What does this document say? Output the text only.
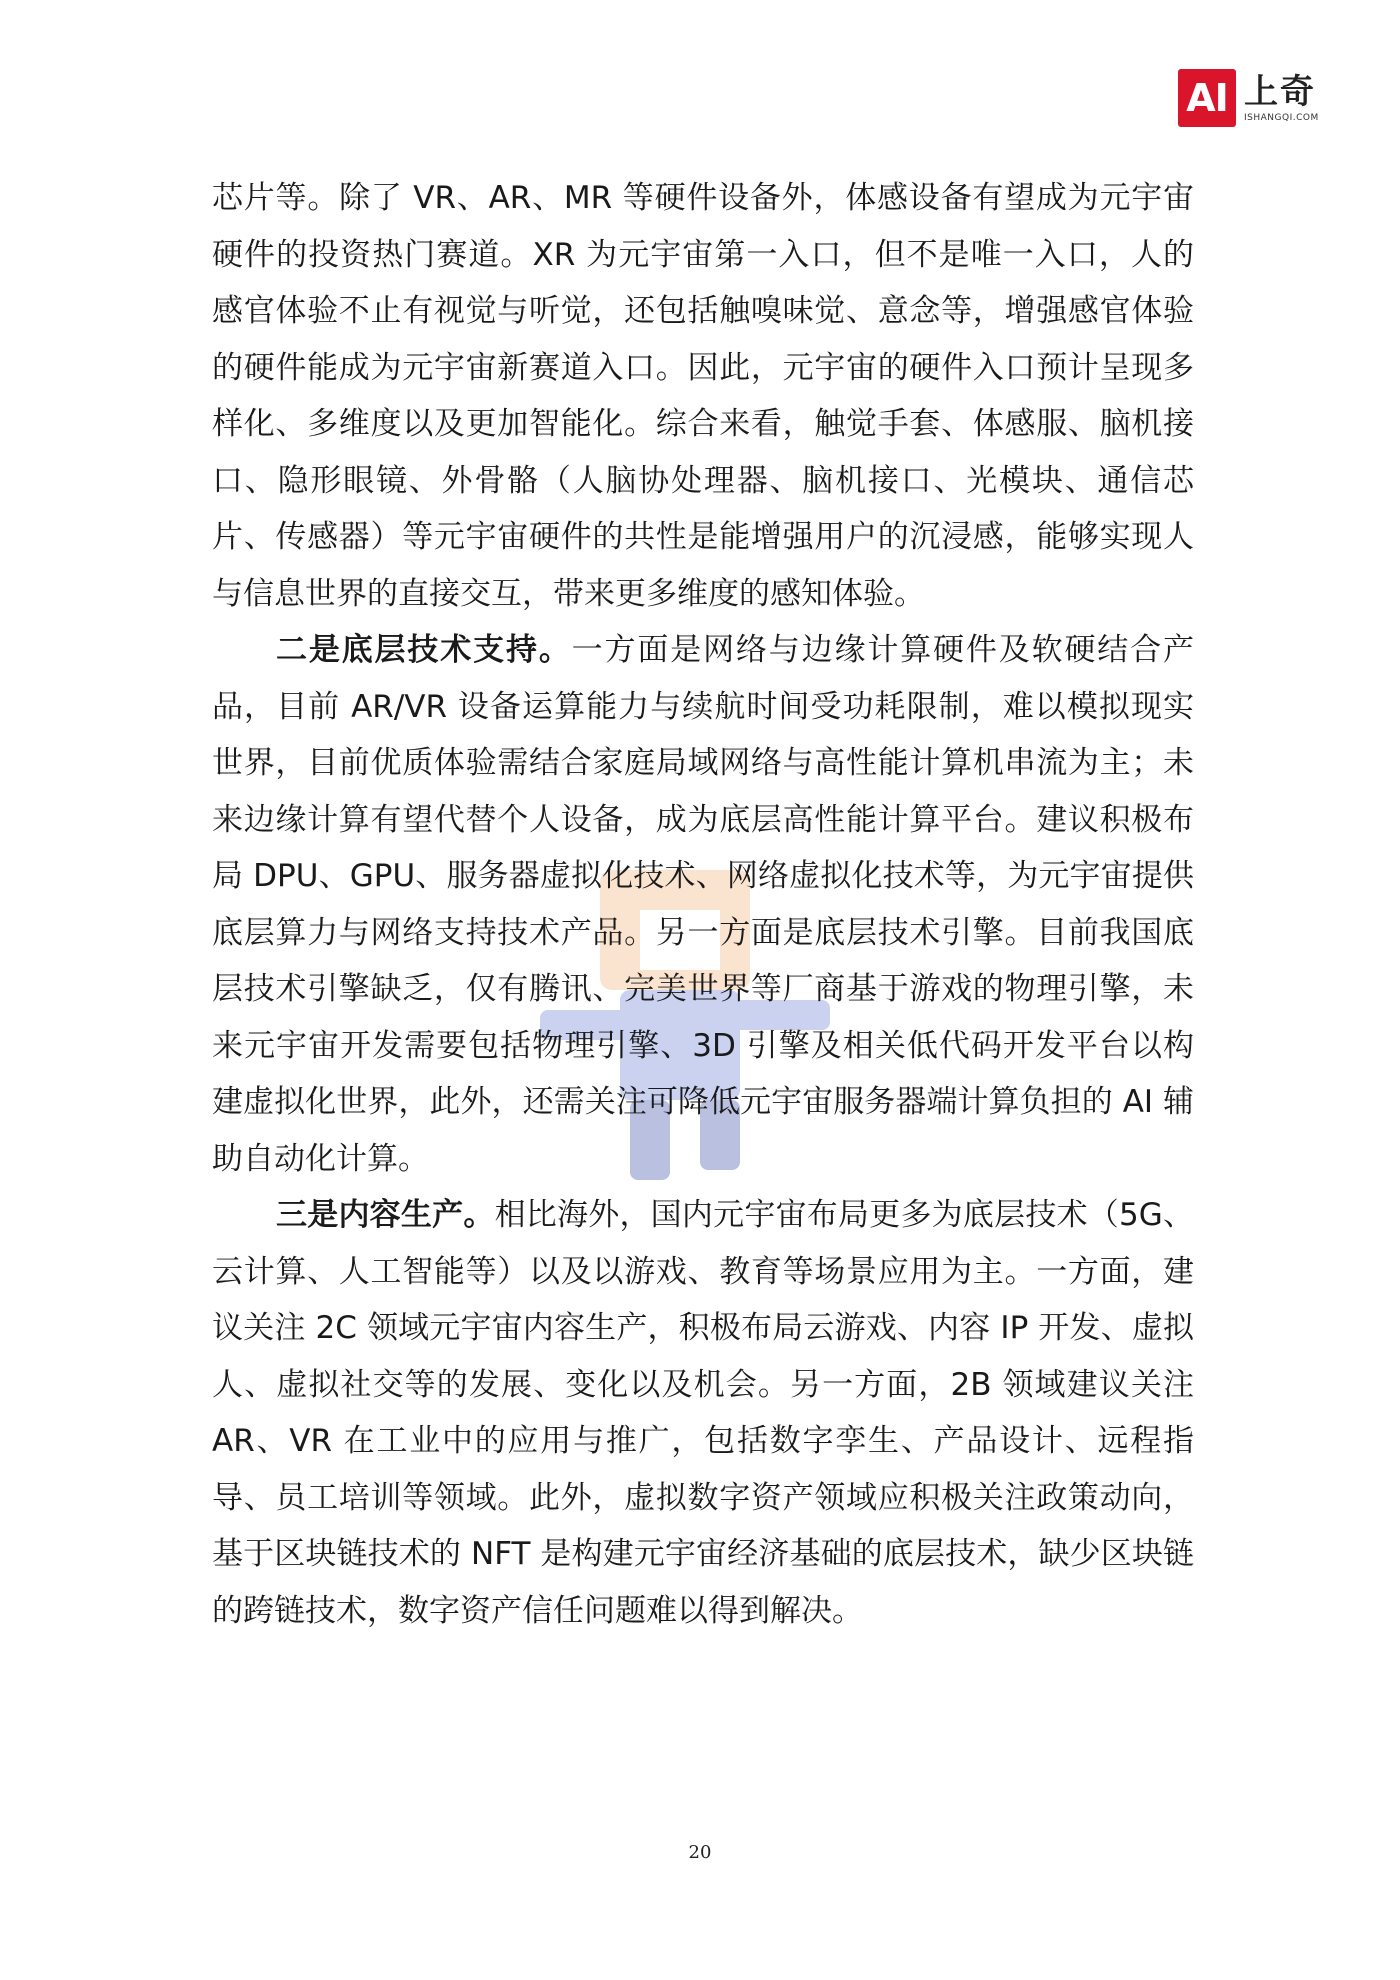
AI 上奇
ISHANGQI.COM

芯片等。除了 VR、AR、MR 等硬件设备外，体感设备有望成为元宇宙硬件的投资热门赛道。XR 为元宇宙第一入口，但不是唯一入口，人的感官体验不止有视觉与听觉，还包括触嗅味觉、意念等，增强感官体验的硬件能成为元宇宙新赛道入口。因此，元宇宙的硬件入口预计呈现多样化、多维度以及更加智能化。综合来看，触觉手套、体感服、脑机接口、隐形眼镜、外骨骼（人脑协处理器、脑机接口、光模块、通信芯片、传感器）等元宇宙硬件的共性是能增强用户的沉浸感，能够实现人与信息世界的直接交互，带来更多维度的感知体验。

二是底层技术支持。一方面是网络与边缘计算硬件及软硬结合产品，目前 AR/VR 设备运算能力与续航时间受功耗限制，难以模拟现实世界，目前优质体验需结合家庭局域网络与高性能计算机串流为主；未来边缘计算有望代替个人设备，成为底层高性能计算平台。建议积极布局 DPU、GPU、服务器虚拟化技术、网络虚拟化技术等，为元宇宙提供底层算力与网络支持技术产品。另一方面是底层技术引擎。目前我国底层技术引擎缺乏，仅有腾讯、完美世界等厂商基于游戏的物理引擎，未来元宇宙开发需要包括物理引擎、3D 引擎及相关低代码开发平台以构建虚拟化世界，此外，还需关注可降低元宇宙服务器端计算负担的 AI 辅助自动化计算。

三是内容生产。相比海外，国内元宇宙布局更多为底层技术（5G、云计算、人工智能等）以及以游戏、教育等场景应用为主。一方面，建议关注 2C 领域元宇宙内容生产，积极布局云游戏、内容 IP 开发、虚拟人、虚拟社交等的发展、变化以及机会。另一方面，2B 领域建议关注 AR、VR 在工业中的应用与推广，包括数字孪生、产品设计、远程指导、员工培训等领域。此外，虚拟数字资产领域应积极关注政策动向，基于区块链技术的 NFT 是构建元宇宙经济基础的底层技术，缺少区块链的跨链技术，数字资产信任问题难以得到解决。

20
